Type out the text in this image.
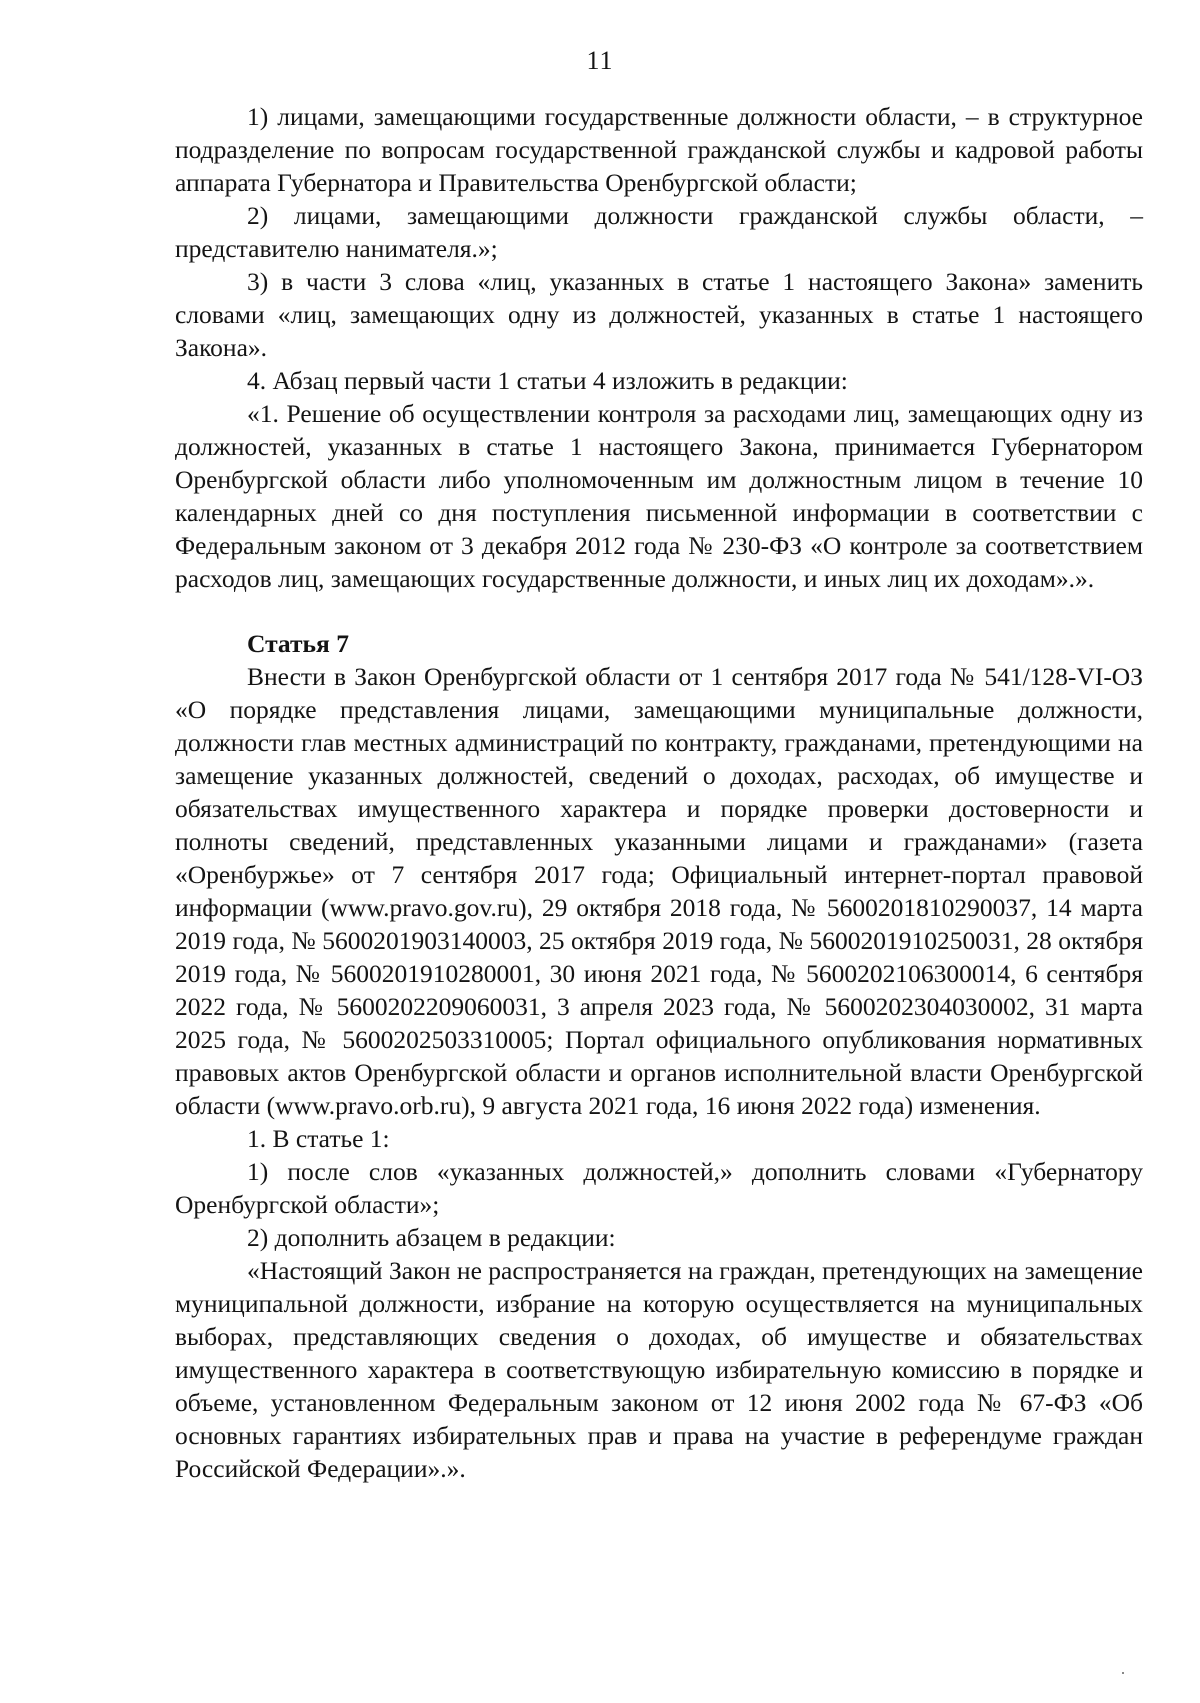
11

1) лицами, замещающими государственные должности области, – в структурное подразделение по вопросам государственной гражданской службы и кадровой работы аппарата Губернатора и Правительства Оренбургской области;

2) лицами, замещающими должности гражданской службы области, – представителю нанимателя.»;

3) в части 3 слова «лиц, указанных в статье 1 настоящего Закона» заменить словами «лиц, замещающих одну из должностей, указанных в статье 1 настоящего Закона».

4. Абзац первый части 1 статьи 4 изложить в редакции:

«1. Решение об осуществлении контроля за расходами лиц, замещающих одну из должностей, указанных в статье 1 настоящего Закона, принимается Губернатором Оренбургской области либо уполномоченным им должностным лицом в течение 10 календарных дней со дня поступления письменной информации в соответствии с Федеральным законом от 3 декабря 2012 года № 230-ФЗ «О контроле за соответствием расходов лиц, замещающих государственные должности, и иных лиц их доходам».».

Статья 7

Внести в Закон Оренбургской области от 1 сентября 2017 года № 541/128-VI-ОЗ «О порядке представления лицами, замещающими муниципальные должности, должности глав местных администраций по контракту, гражданами, претендующими на замещение указанных должностей, сведений о доходах, расходах, об имуществе и обязательствах имущественного характера и порядке проверки достоверности и полноты сведений, представленных указанными лицами и гражданами» (газета «Оренбуржье» от 7 сентября 2017 года; Официальный интернет-портал правовой информации (www.pravo.gov.ru), 29 октября 2018 года, № 5600201810290037, 14 марта 2019 года, № 5600201903140003, 25 октября 2019 года, № 5600201910250031, 28 октября 2019 года, № 5600201910280001, 30 июня 2021 года, № 5600202106300014, 6 сентября 2022 года, № 5600202209060031, 3 апреля 2023 года, № 5600202304030002, 31 марта 2025 года, № 5600202503310005; Портал официального опубликования нормативных правовых актов Оренбургской области и органов исполнительной власти Оренбургской области (www.pravo.orb.ru), 9 августа 2021 года, 16 июня 2022 года) изменения.

1. В статье 1:

1) после слов «указанных должностей,» дополнить словами «Губернатору Оренбургской области»;

2) дополнить абзацем в редакции:

«Настоящий Закон не распространяется на граждан, претендующих на замещение муниципальной должности, избрание на которую осуществляется на муниципальных выборах, представляющих сведения о доходах, об имуществе и обязательствах имущественного характера в соответствующую избирательную комиссию в порядке и объеме, установленном Федеральным законом от 12 июня 2002 года № 67-ФЗ «Об основных гарантиях избирательных прав и права на участие в референдуме граждан Российской Федерации».».
